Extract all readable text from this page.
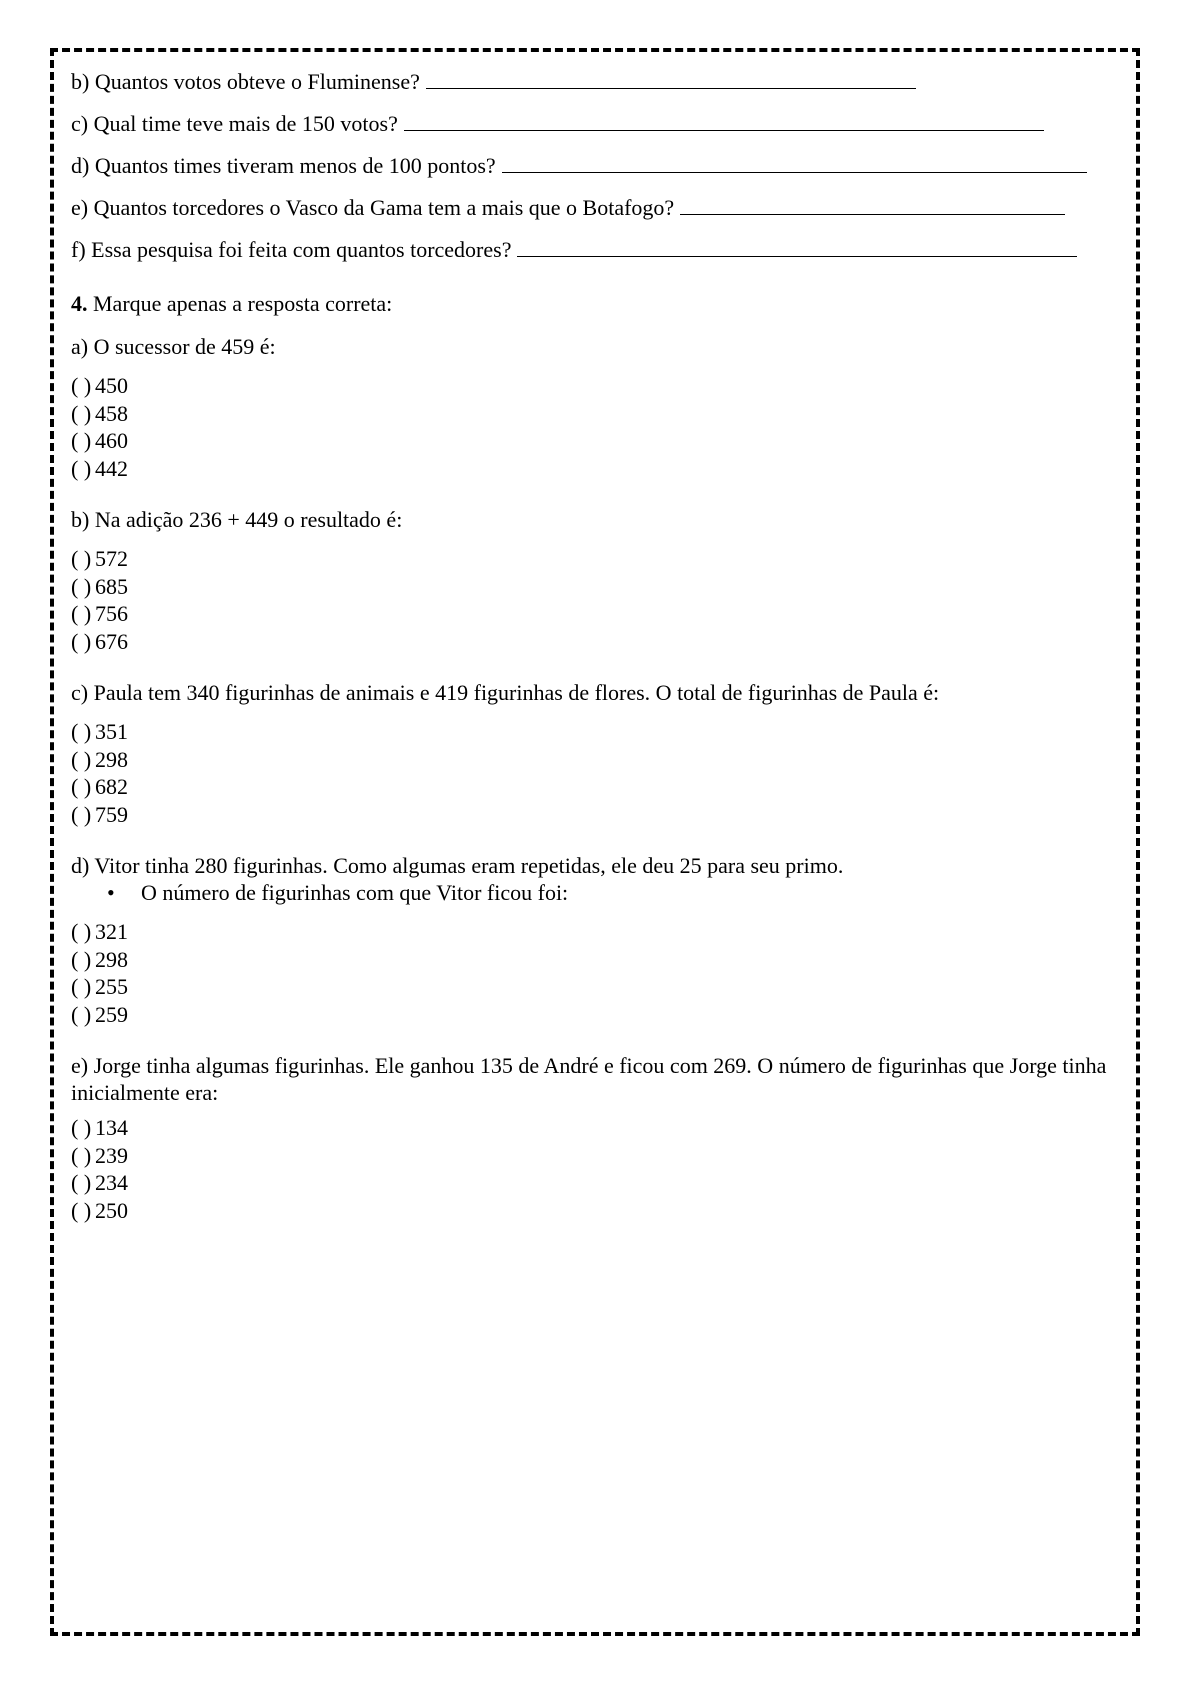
b) Quantos votos obteve o Fluminense?
c) Qual time teve mais de 150 votos?
d) Quantos times tiveram menos de 100 pontos?
e) Quantos torcedores o Vasco da Gama tem a mais que o Botafogo?
f) Essa pesquisa foi feita com quantos torcedores?
4. Marque apenas a resposta correta:
a) O sucessor de 459 é:
( ) 450
( ) 458
( ) 460
( ) 442
b) Na adição 236 + 449 o resultado é:
( ) 572
( ) 685
( ) 756
( ) 676
c) Paula tem 340 figurinhas de animais e 419 figurinhas de flores. O total de figurinhas de Paula é:
( ) 351
( ) 298
( ) 682
( ) 759
d) Vitor tinha 280 figurinhas. Como algumas eram repetidas, ele deu 25 para seu primo.
• O número de figurinhas com que Vitor ficou foi:
( ) 321
( ) 298
( ) 255
( ) 259
e) Jorge tinha algumas figurinhas. Ele ganhou 135 de André e ficou com 269. O número de figurinhas que Jorge tinha inicialmente era:
( ) 134
( ) 239
( ) 234
( ) 250
